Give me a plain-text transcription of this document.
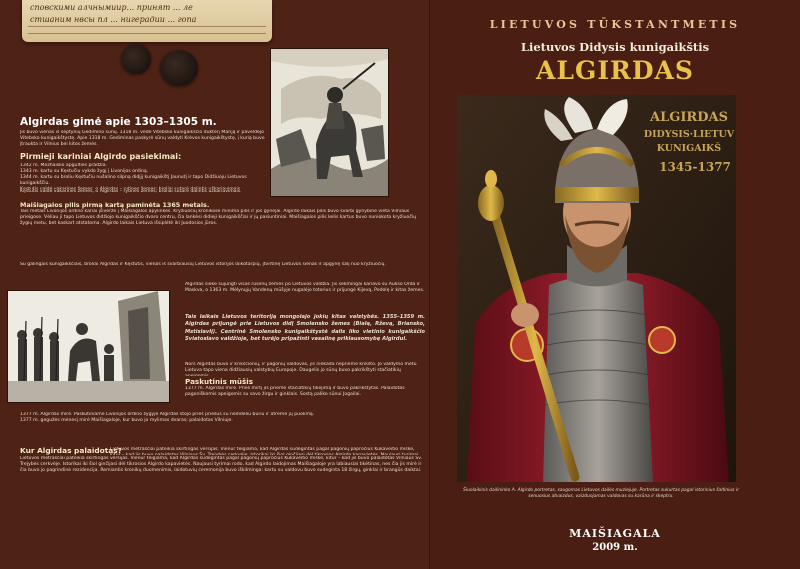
сповскими алчнымиир... принят ... ле
стшаним нвсы пл ... нигерадии ... гопа
Algirdas gimė apie 1303–1305 m.
Jis buvo vienas iš septynių Gedimino sūnų. 1318 m. vedė Vitebsko kunigaikščio dukterį Mariją ir paveldėjo Vitebsko kunigaikštystę. Apie 1318 m. Gediminas paskyrė sūnų valdyti Krėvos kunigaikštystę, į kurią buvo įtraukta ir Vilnius bei kitos žemės.
Pirmieji kariniai Algirdo pasiekimai:

1342 m. Mozhaisko apgulties pradžia.

1343 m. kartu su Kęstučiu vykdo žygį į Livonijos ordiną.

1344 m. kartu su broliu Kęstučiu nušalino silpną didįjį kunigaikštį Jaunutį ir tapo Didžiuoju Lietuvos kunigaikščiu.

Kęstutis valdė vakarines žemes, o Algirdas – rytines žemes; broliai sutarė dalintis užkariavimais.
Maišiagalos pilis pirmą kartą paminėta 1365 metais.
Tais metais Livonijos ordino kariai įsiveržė į Maišiagalos apylinkes. Kryžiuočių kronikose minima pilis ir jos gynėjai. Algirdo laikais pilis buvo svarbi gynybinė vieta Vilniaus prieigose. Vėliau ji tapo Lietuvos didžiojo kunigaikščio dvaro centru, čia lankėsi didieji kunigaikščiai ir jų pasiuntiniai. Maišiagalos pilis kelis kartus buvo nuniokota kryžiuočių žygių metu, bet kaskart atstatoma. Algirdo laikais Lietuva išsiplėtė iki Juodosios jūros.
Su galingais kunigaikščiais, broliai Algirdas ir Kęstutis, vienas iš svarbiausių Lietuvos istorijos laikotarpių, įtvirtinę Lietuvos sienas ir apgynę šalį nuo kryžiuočių.
Algirdas siekė sujungti visas rusėnų žemes po Lietuvos valdžia. Jis sėkmingai kariavo su Aukso Orda ir Maskva, o 1363 m. Mėlynųjų Vandenų mūšyje nugalėjo totorius ir prijungė Kijevą, Podolę ir kitas žemes.
Tais laikais Lietuvos teritoriją mongolajo jokių kitas valstybės. 1355–1359 m. Algirdas prijungė prie Lietuvos didį Smolensko žemes (Bialą, Rževą, Briansko, Mstislavlį). Centrinė Smolensko kunigaikštystė dalis liko vietinio kunigaikščio Sviatoslavo valdžioje, bet turėjo pripažinti vasalinę priklausomybę Algirdui.
Nors Algirdas buvo ir krikščionių, ir pagonių valdovas, jis niekada nepriėmė krikšto. Jo valdymo metu Lietuva tapo viena didžiausių valstybių Europoje. Daugelis jo sūnų buvo pakrikštyti stačiatikių
Paskutinis mūšis
1377 m. Algirdas mirė. Prieš mirtį jis priėmė stačiatikių tikėjimą ir buvo pakrikštytas. Palaidotas pagoniškomis apeigomis su savo žirgu ir ginklais. Sostą paliko sūnui Jogailai.

1377 m. Algirdas mirė. Paskutiniame Livonijos ordino žygyje Algirdas stojo prieš priešus su nedideliu būriu ir atrėmė jų puolimą.

1377 m. gegužės mėnesį mirė Maišiagaloje, kur buvo jo mylimas dvaras; palaidotas Vilniuje.

Kur Algirdas palaidotas?
Lietuvos metraščiai pateikia skirtingas versijas. Vienur teigiama, kad Algirdas sudegintas pagal pagonių papročius Kukaveitio miške,
Lietuvos metraščiai pateikia skirtingas versijas. Vienur teigiama, kad Algirdas sudegintas pagal pagonių papročius Kukaveitio miške, kitur – kad jis buvo palaidotas Vilniaus Šv. Trejybės cerkvėje. Istorikai iki šiol ginčijasi dėl tikrosios Algirdo kapavietės. Naujausi tyrimai rodo, kad Algirdo laidojimas Maišiagaloje yra labiausiai tikėtinas, nes čia jis mirė ir čia buvo jo pagrindinė rezidencija. Remiantis kronikų duomenimis, laidotuvių ceremonija buvo iškilminga: kartu su valdovu buvo sudeginta 18 žirgų, ginklai ir brangūs daiktai.
LIETUVOS TŪKSTANTMETIS
Lietuvos Didysis kunigaikštis
ALGIRDAS
ALGIRDAS
DIDYSIS·LIETUV
KUNIGAIKŠ
1345-1377
Šiuolaikinis dailininko A. Algirdo portretas, saugomas Lietuvos dailės muziejuje. Portretas sukurtas pagal istorinius šaltinius ir senuosius atvaizdus, vaizduojamas valdovas su karūna ir skeptru.
MAIŠIAGALA
2009 m.
